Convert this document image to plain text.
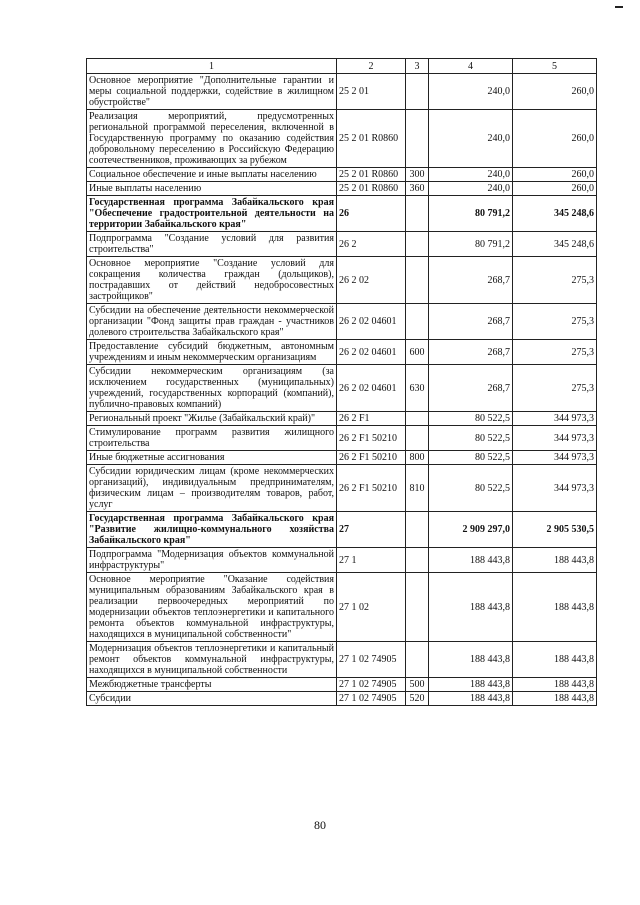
1	2	3	4	5
Основное мероприятие "Дополнительные гарантии и меры социальной поддержки, содействие в жилищном обустройстве"	25 2 01		240,0	260,0
Реализация мероприятий, предусмотренных региональной программой переселения, включенной в Государственную программу по оказанию содействия добровольному переселению в Российскую Федерацию соотечественников, проживающих за рубежом	25 2 01 R0860		240,0	260,0
Социальное обеспечение и иные выплаты населению	25 2 01 R0860	300	240,0	260,0
Иные выплаты населению	25 2 01 R0860	360	240,0	260,0
Государственная программа Забайкальского края "Обеспечение градостроительной деятельности на территории Забайкальского края"	26		80 791,2	345 248,6
Подпрограмма "Создание условий для развития строительства"	26 2		80 791,2	345 248,6
Основное мероприятие "Создание условий для сокращения количества граждан (дольщиков), пострадавших от действий недобросовестных застройщиков"	26 2 02		268,7	275,3
Субсидии на обеспечение деятельности некоммерческой организации "Фонд защиты прав граждан - участников долевого строительства Забайкальского края"	26 2 02 04601		268,7	275,3
Предоставление субсидий бюджетным, автономным учреждениям и иным некоммерческим организациям	26 2 02 04601	600	268,7	275,3
Субсидии некоммерческим организациям (за исключением государственных (муниципальных) учреждений, государственных корпораций (компаний), публично-правовых компаний)	26 2 02 04601	630	268,7	275,3
Региональный проект "Жилье (Забайкальский край)"	26 2 F1		80 522,5	344 973,3
Стимулирование программ развития жилищного строительства	26 2 F1 50210		80 522,5	344 973,3
Иные бюджетные ассигнования	26 2 F1 50210	800	80 522,5	344 973,3
Субсидии юридическим лицам (кроме некоммерческих организаций), индивидуальным предпринимателям, физическим лицам – производителям товаров, работ, услуг	26 2 F1 50210	810	80 522,5	344 973,3
Государственная программа Забайкальского края "Развитие жилищно-коммунального хозяйства Забайкальского края"	27		2 909 297,0	2 905 530,5
Подпрограмма "Модернизация объектов коммунальной инфраструктуры"	27 1		188 443,8	188 443,8
Основное мероприятие "Оказание содействия муниципальным образованиям Забайкальского края в реализации первоочередных мероприятий по модернизации объектов теплоэнергетики и капитального ремонта объектов коммунальной инфраструктуры, находящихся в муниципальной собственности"	27 1 02		188 443,8	188 443,8
Модернизация объектов теплоэнергетики и капитальный ремонт объектов коммунальной инфраструктуры, находящихся в муниципальной собственности	27 1 02 74905		188 443,8	188 443,8
Межбюджетные трансферты	27 1 02 74905	500	188 443,8	188 443,8
Субсидии	27 1 02 74905	520	188 443,8	188 443,8
80
